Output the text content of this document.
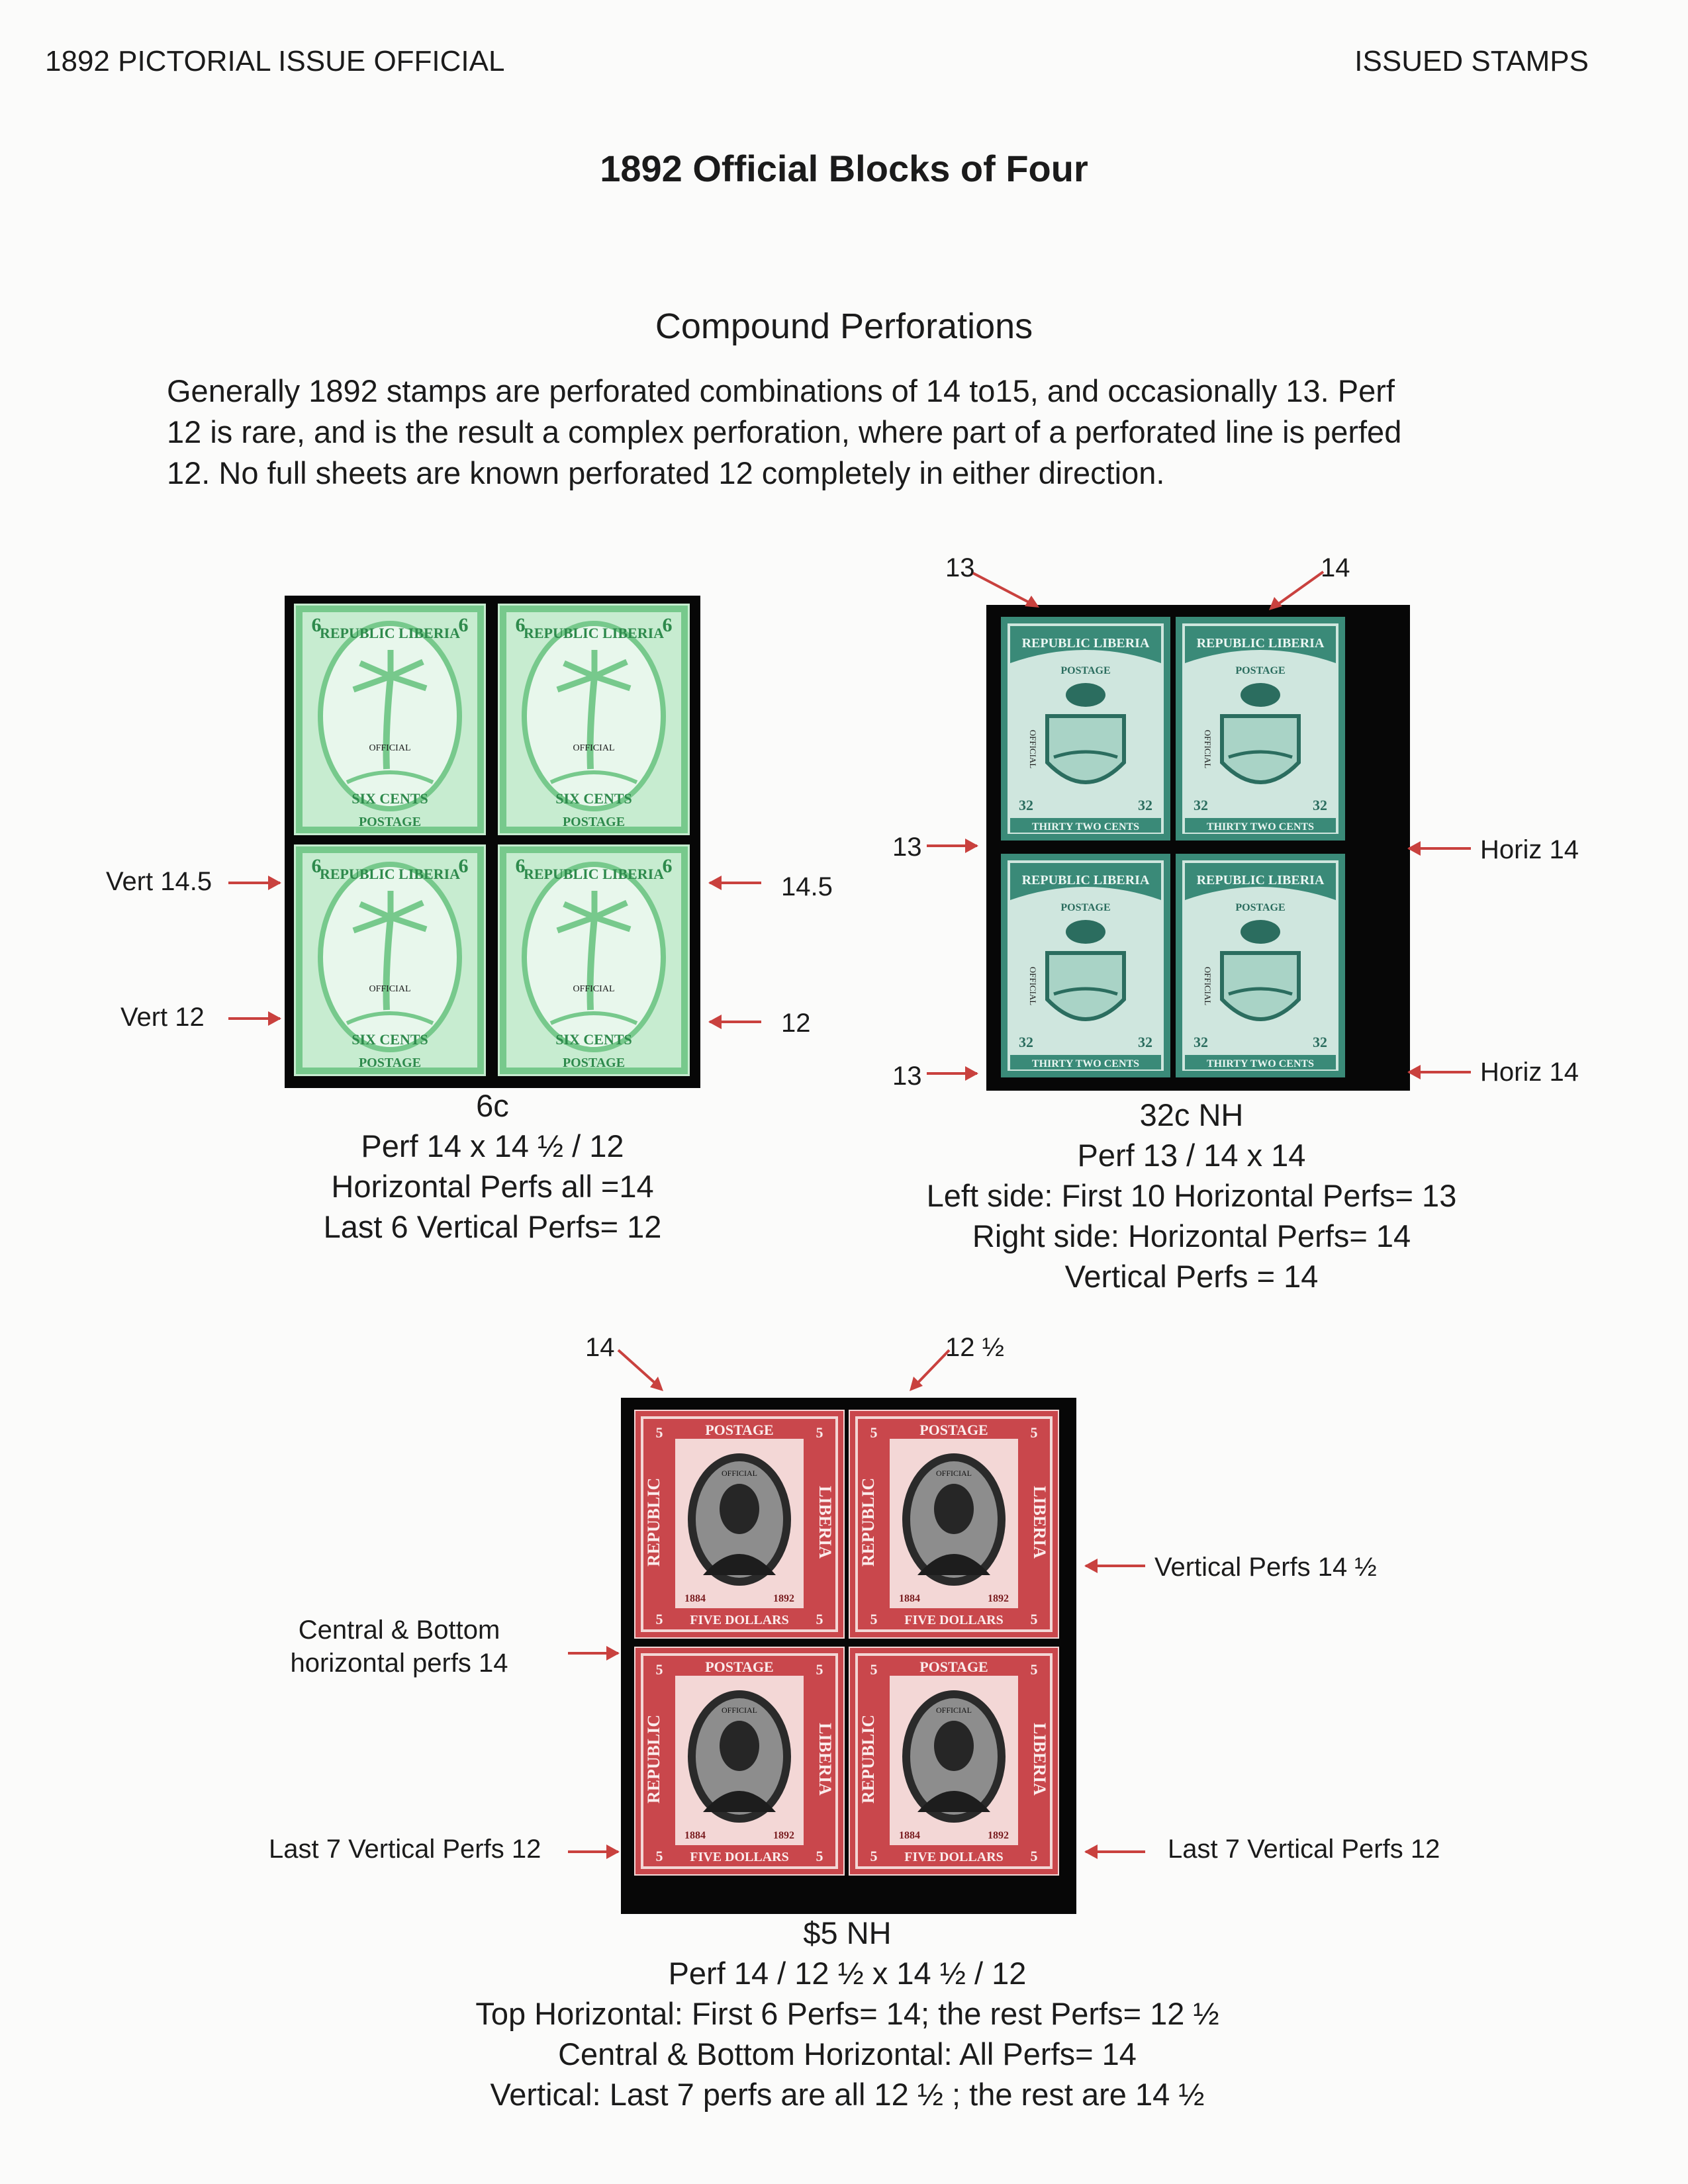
1892 PICTORIAL ISSUE OFFICIAL	ISSUED STAMPS
1892 Official Blocks of Four
Compound Perforations

Generally 1892 stamps are perforated combinations of 14 to15, and occasionally 13. Perf

12 is rare, and is the result a complex perforation, where part of a perforated line is perfed

12. No full sheets are known perforated 12 completely in either direction.

REPUBLIC LIBERIA
6	6
OFFICIAL
SIX CENTS
POSTAGE
REPUBLIC LIBERIA
6	6
OFFICIAL
SIX CENTS
POSTAGE
REPUBLIC LIBERIA
6	6
OFFICIAL
SIX CENTS
POSTAGE
REPUBLIC LIBERIA
6	6
OFFICIAL
SIX CENTS
POSTAGE
Vert 14.5
Vert 12
14.5
12
6c
Perf 14 x 14 ½ / 12
Horizontal Perfs all =14
Last 6 Vertical Perfs= 12
REPUBLIC LIBERIA
POSTAGE
OFFICIAL
32	32
THIRTY TWO CENTS
REPUBLIC LIBERIA
POSTAGE
OFFICIAL
32	32
THIRTY TWO CENTS
REPUBLIC LIBERIA
POSTAGE
OFFICIAL
32	32
THIRTY TWO CENTS
REPUBLIC LIBERIA
POSTAGE
OFFICIAL
32	32
THIRTY TWO CENTS
13	14
13
13
Horiz 14
Horiz 14
32c NH
Perf 13 / 14 x 14
Left side: First 10 Horizontal Perfs= 13
Right side: Horizontal Perfs= 14
Vertical Perfs = 14
POSTAGE
5	5
5	5
REPUBLIC	LIBERIA
OFFICIAL
1884	1892
FIVE DOLLARS
POSTAGE
5	5
5	5
REPUBLIC	LIBERIA
OFFICIAL
1884	1892
FIVE DOLLARS
POSTAGE
5	5
5	5
REPUBLIC	LIBERIA
OFFICIAL
1884	1892
FIVE DOLLARS
POSTAGE
5	5
5	5
REPUBLIC	LIBERIA
OFFICIAL
1884	1892
FIVE DOLLARS
14	12 ½
Central & Bottom
horizontal perfs 14
Last 7 Vertical Perfs 12
Vertical Perfs 14 ½
Last 7 Vertical Perfs 12
$5 NH
Perf 14 / 12 ½ x 14 ½ / 12
Top Horizontal: First 6 Perfs= 14; the rest Perfs= 12 ½
Central & Bottom Horizontal: All Perfs= 14
Vertical: Last 7 perfs are all 12 ½ ; the rest are 14 ½
